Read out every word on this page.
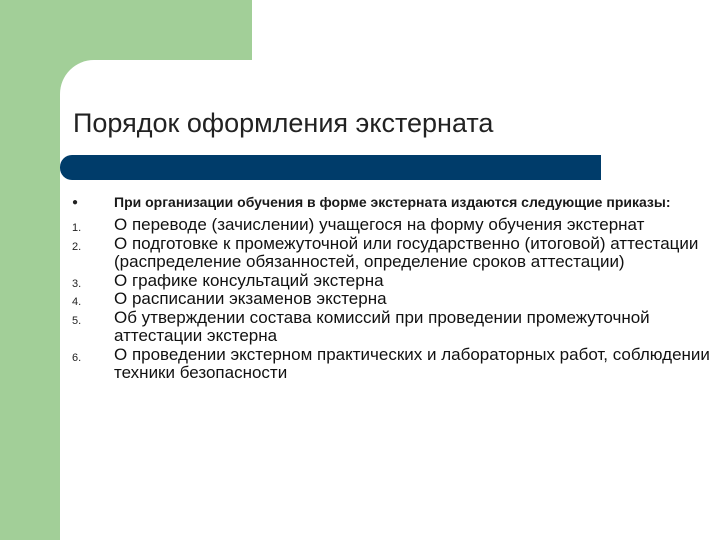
Порядок оформления экстерната
●	При организации обучения в форме экстерната издаются следующие приказы:
1.	О переводе (зачислении) учащегося на форму обучения экстернат
2.	О подготовке к промежуточной или государственно (итоговой) аттестации (распределение обязанностей, определение сроков аттестации)
3.	О графике консультаций экстерна
4.	О расписании экзаменов экстерна
5.	Об утверждении состава комиссий при проведении промежуточной аттестации экстерна
6.	О проведении экстерном практических и лабораторных работ, соблюдении техники безопасности
